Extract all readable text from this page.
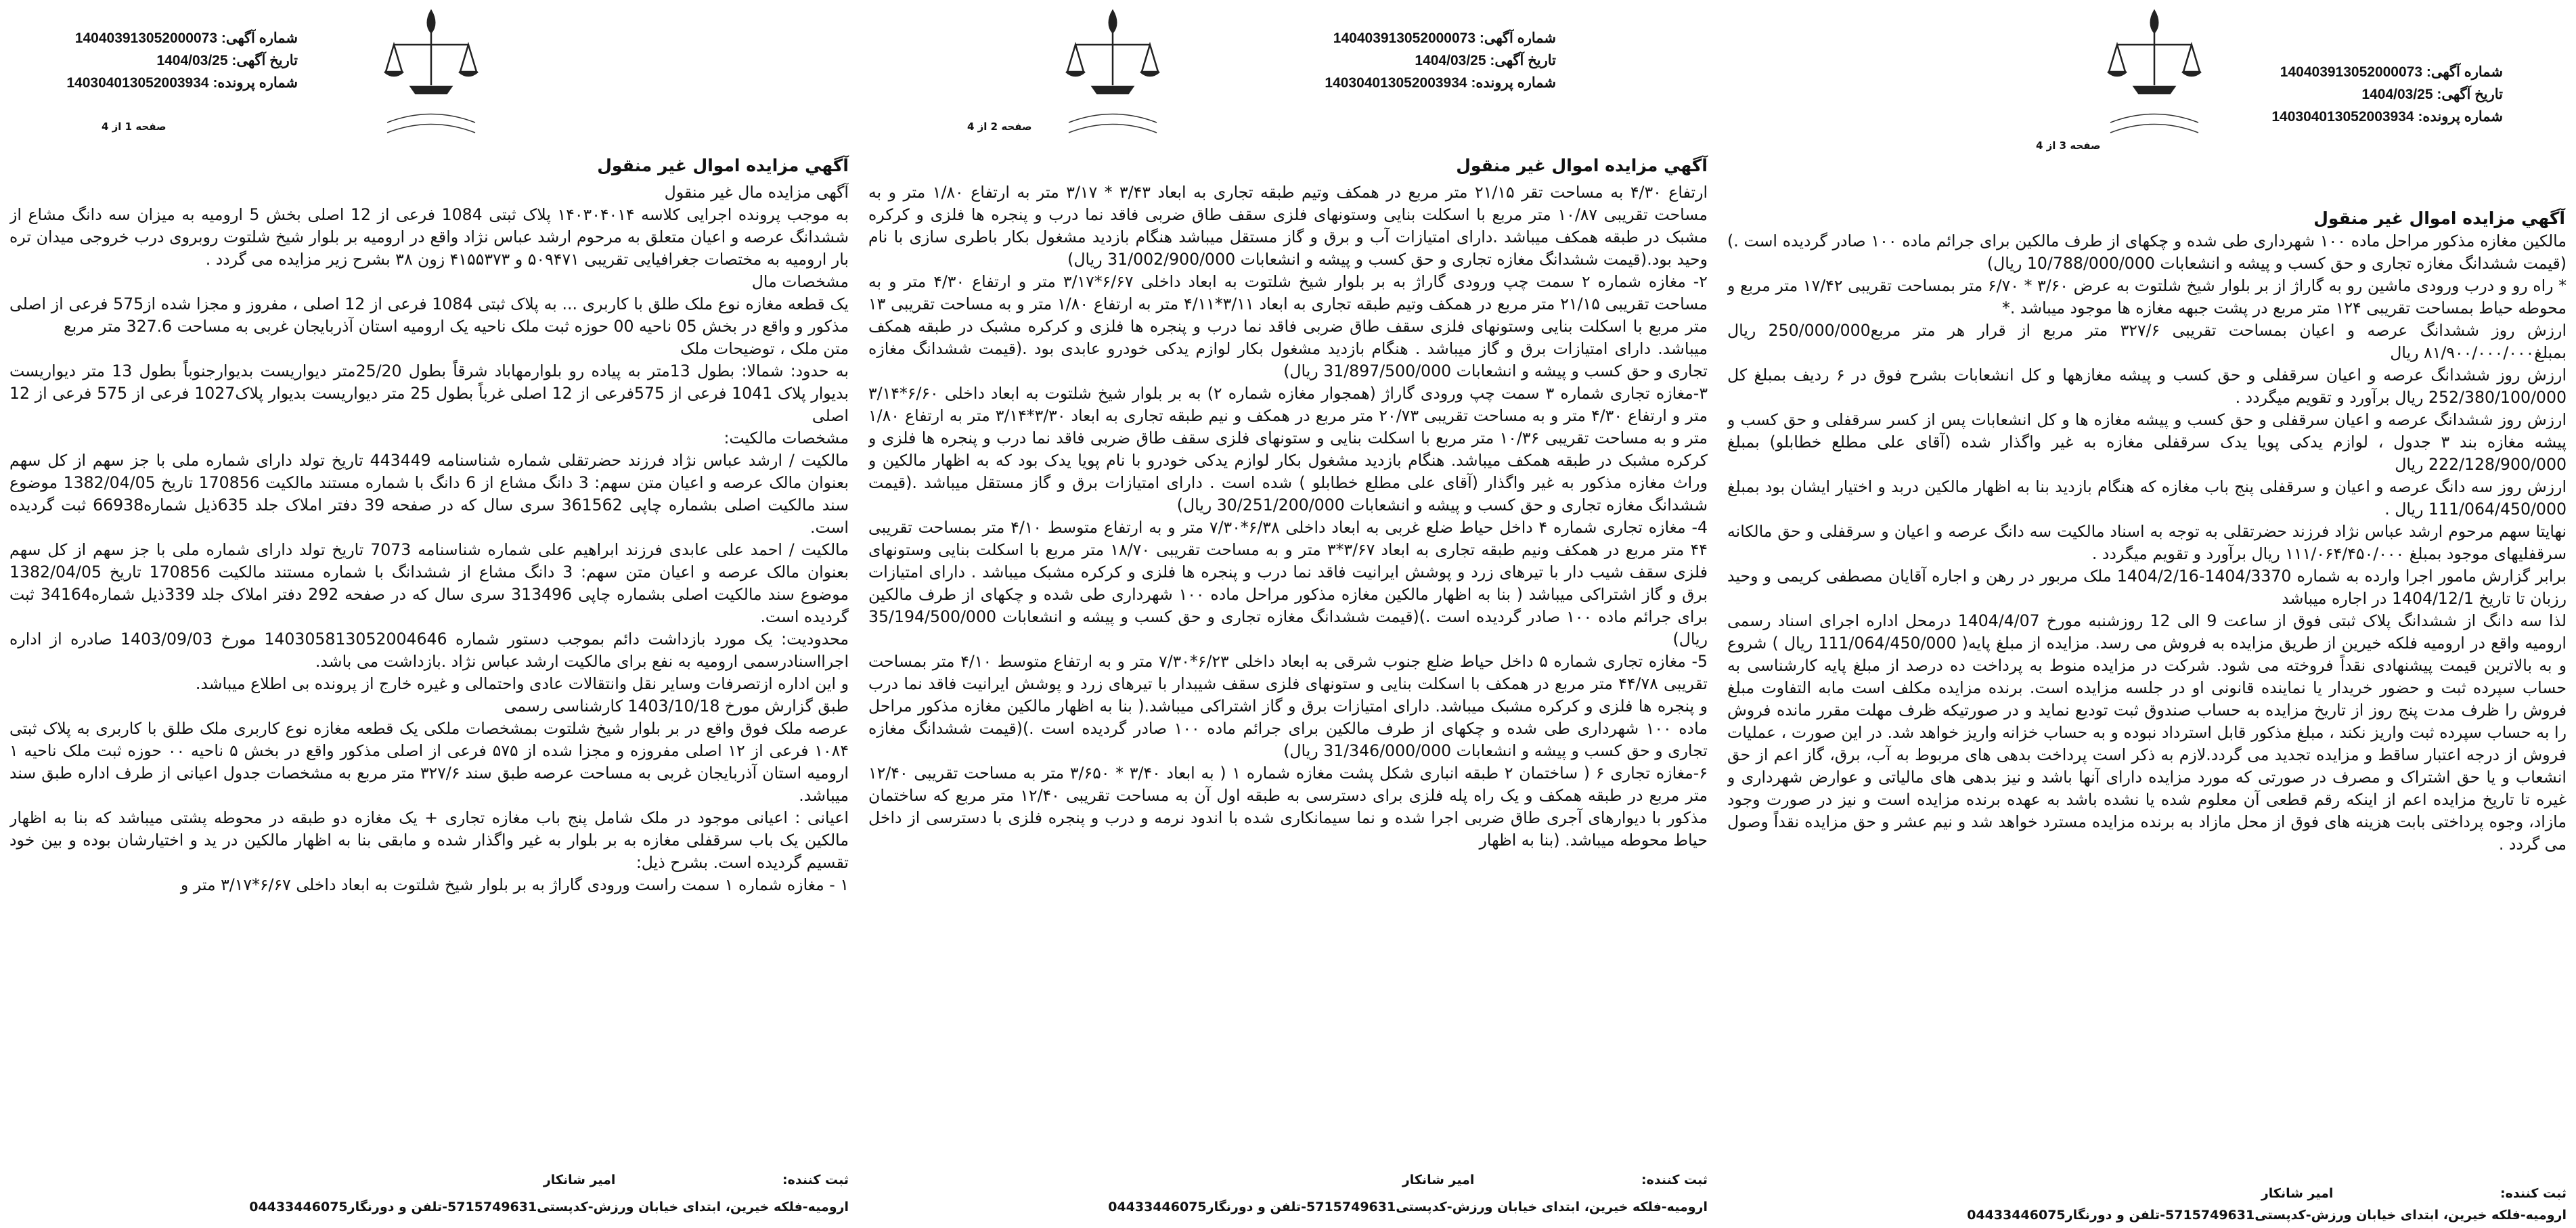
شماره آگهی: 140403913052000073
تاریخ آگهی: 1404/03/25
شماره پرونده: 140304013052003934
صفحه 1 از 4
آگهي مزايده اموال غير منقول

آگهی مزایده مال غیر منقول

به موجب پرونده اجرایی کلاسه ۱۴۰۳۰۴۰۱۴ پلاک ثبتی 1084 فرعی از 12 اصلی بخش 5 ارومیه به میزان سه دانگ مشاع از ششدانگ عرصه و اعیان متعلق به مرحوم ارشد عباس نژاد واقع در ارومیه بر بلوار شیخ شلتوت روبروی درب خروجی میدان تره بار ارومیه به مختصات جغرافیایی تقریبی ۵۰۹۴۷۱ و ۴۱۵۵۳۷۳ زون ۳۸ بشرح زیر مزایده می گردد .

مشخصات مال

یک قطعه مغازه نوع ملک طلق با کاربری ... به پلاک ثبتی 1084 فرعی از 12 اصلی ، مفروز و مجزا شده از575 فرعی از اصلی مذکور و واقع در بخش 05 ناحیه 00 حوزه ثبت ملک ناحیه یک ارومیه استان آذربایجان غربی به مساحت 327.6 متر مربع

متن ملک ، توضیحات ملک

به حدود: شمالا: بطول 13متر به پیاده رو بلوارمهاباد شرقاً بطول 25/20متر دیواریست بدیوارجنوباً بطول 13 متر دیواریست بدیوار پلاک 1041 فرعی از 575فرعی از 12 اصلی غرباً بطول 25 متر دیواریست بدیوار پلاک1027 فرعی از 575 فرعی از 12 اصلی

مشخصات مالکیت:

مالکیت / ارشد عباس نژاد فرزند حضرتقلی شماره شناسنامه 443449 تاریخ تولد دارای شماره ملی با جز سهم از کل سهم بعنوان مالک عرصه و اعیان متن سهم: 3 دانگ مشاع از 6 دانگ با شماره مستند مالکیت 170856 تاریخ 1382/04/05 موضوع سند مالکیت اصلی بشماره چاپی 361562 سری سال که در صفحه 39 دفتر املاک جلد 635ذیل شماره66938 ثبت گردیده است.

مالکیت / احمد علی عابدی فرزند ابراهیم علی شماره شناسنامه 7073 تاریخ تولد دارای شماره ملی با جز سهم از کل سهم بعنوان مالک عرصه و اعیان متن سهم: 3 دانگ مشاع از ششدانگ با شماره مستند مالکیت 170856 تاریخ 1382/04/05 موضوع سند مالکیت اصلی بشماره چاپی 313496 سری سال که در صفحه 292 دفتر املاک جلد 339ذیل شماره34164 ثبت گردیده است.

محدودیت: یک مورد بازداشت دائم بموجب دستور شماره 140305813052004646 مورخ 1403/09/03 صادره از اداره اجرااسنادرسمی ارومیه به نفع برای مالکیت ارشد عباس نژاد .بازداشت می باشد.

و این اداره ازتصرفات وسایر نقل وانتقالات عادی واحتمالی و غیره خارج از پرونده بی اطلاع میباشد.

طبق گزارش مورخ 1403/10/18 کارشناسی رسمی

عرصه ملک فوق واقع در بر بلوار شیخ شلتوت بمشخصات ملکی یک قطعه مغازه نوع کاربری ملک طلق با کاربری به پلاک ثبتی ۱۰۸۴ فرعی از ۱۲ اصلی مفروزه و مجزا شده از ۵۷۵ فرعی از اصلی مذکور واقع در بخش ۵ ناحیه ۰۰ حوزه ثبت ملک ناحیه ۱ ارومیه استان آذربایجان غربی به مساحت عرصه طبق سند ۳۲۷/۶ متر مربع به مشخصات جدول اعیانی از طرف اداره طبق سند میباشد.

اعیانی : اعیانی موجود در ملک شامل پنج باب مغازه تجاری + یک مغازه دو طبقه در محوطه پشتی میباشد که بنا به اظهار مالکین یک باب سرقفلی مغازه به بر بلوار به غیر واگذار شده و مابقی بنا به اظهار مالکین در ید و اختیارشان بوده و بین خود تقسیم گردیده است. بشرح ذیل:

۱ - مغازه شماره ۱ سمت راست ورودی گاراژ به بر بلوار شیخ شلتوت به ابعاد داخلی ۶/۶۷*۳/۱۷ متر و

ثبت کننده: امیر شانکار
ارومیه-فلکه خیرین، ابتدای خیابان ورزش-کدپستی5715749631-تلفن و دورنگار04433446075
شماره آگهی: 140403913052000073
تاریخ آگهی: 1404/03/25
شماره پرونده: 140304013052003934
صفحه 2 از 4
آگهي مزايده اموال غير منقول

ارتفاع ۴/۳۰ به مساحت تقر ۲۱/۱۵ متر مربع در همکف وتیم طبقه تجاری به ابعاد ۳/۴۳ * ۳/۱۷ متر به ارتفاع ۱/۸۰ متر و به مساحت تقریبی ۱۰/۸۷ متر مربع با اسکلت بنایی وستونهای فلزی سقف طاق ضربی فاقد نما درب و پنجره ها فلزی و کرکره مشبک در طبقه همکف میباشد .دارای امتیازات آب و برق و گاز مستقل میباشد هنگام بازدید مشغول بکار باطری سازی با نام وحید بود.(قیمت ششدانگ مغازه تجاری و حق کسب و پیشه و انشعابات 31/002/900/000 ریال)

۲- مغازه شماره ۲ سمت چپ ورودی گاراژ به بر بلوار شیخ شلتوت به ابعاد داخلی ۶/۶۷*۳/۱۷ متر و ارتفاع ۴/۳۰ متر و به مساحت تقریبی ۲۱/۱۵ متر مربع در همکف وتیم طبقه تجاری به ابعاد ۳/۱۱*۴/۱۱ متر به ارتفاع ۱/۸۰ متر و به مساحت تقریبی ۱۳ متر مربع با اسکلت بنایی وستونهای فلزی سقف طاق ضربی فاقد نما درب و پنجره ها فلزی و کرکره مشبک در طبقه همکف میباشد. دارای امتیازات برق و گاز میباشد . هنگام بازدید مشغول بکار لوازم یدکی خودرو عابدی بود .(قیمت ششدانگ مغازه تجاری و حق کسب و پیشه و انشعابات 31/897/500/000 ریال)

۳-مغازه تجاری شماره ۳ سمت چپ ورودی گاراژ (همجوار مغازه شماره ۲) به بر بلوار شیخ شلتوت به ابعاد داخلی ۶/۶۰*۳/۱۴ متر و ارتفاع ۴/۳۰ متر و به مساحت تقریبی ۲۰/۷۳ متر مربع در همکف و نیم طبقه تجاری به ابعاد ۳/۳۰*۳/۱۴ متر به ارتفاع ۱/۸۰ متر و به مساحت تقریبی ۱۰/۳۶ متر مربع با اسکلت بنایی و ستونهای فلزی سقف طاق ضربی فاقد نما درب و پنجره ها فلزی و کرکره مشبک در طبقه همکف میباشد. هنگام بازدید مشغول بکار لوازم یدکی خودرو با نام پویا یدک بود که به اظهار مالکین و وراث مغازه مذکور به غیر واگذار (آقای علی مطلع خطابلو ) شده است . دارای امتیازات برق و گاز مستقل میباشد .(قیمت ششدانگ مغازه تجاری و حق کسب و پیشه و انشعابات 30/251/200/000 ریال)

4- مغازه تجاری شماره ۴ داخل حیاط ضلع غربی به ابعاد داخلی ۶/۳۸*۷/۳۰ متر و به ارتفاع متوسط ۴/۱۰ متر بمساحت تقریبی ۴۴ متر مربع در همکف ونیم طبقه تجاری به ابعاد ۳/۶۷*۳ متر و به مساحت تقریبی ۱۸/۷۰ متر مربع با اسکلت بنایی وستونهای فلزی سقف شیب دار با تیرهای زرد و پوشش ایرانیت فاقد نما درب و پنجره ها فلزی و کرکره مشبک میباشد . دارای امتیازات برق و گاز اشتراکی میباشد ( بنا به اظهار مالکین مغازه مذکور مراحل ماده ۱۰۰ شهرداری طی شده و چکهای از طرف مالکین برای جرائم ماده ۱۰۰ صادر گردیده است .)(قیمت ششدانگ مغازه تجاری و حق کسب و پیشه و انشعابات 35/194/500/000 ریال)

5- مغازه تجاری شماره ۵ داخل حیاط ضلع جنوب شرقی به ابعاد داخلی ۶/۲۳*۷/۳۰ متر و به ارتفاع متوسط ۴/۱۰ متر بمساحت تقریبی ۴۴/۷۸ متر مربع در همکف با اسکلت بنایی و ستونهای فلزی سقف شیبدار با تیرهای زرد و پوشش ایرانیت فاقد نما درب و پنجره ها فلزی و کرکره مشبک میباشد. دارای امتیازات برق و گاز اشتراکی میباشد.( بنا به اظهار مالکین مغازه مذکور مراحل ماده ۱۰۰ شهرداری طی شده و چکهای از طرف مالکین برای جرائم ماده ۱۰۰ صادر گردیده است .)(قیمت ششدانگ مغازه تجاری و حق کسب و پیشه و انشعابات 31/346/000/000 ریال)

۶-مغازه تجاری ۶ ( ساختمان ۲ طبقه انباری شکل پشت مغازه شماره ۱ ( به ابعاد ۳/۴۰ * ۳/۶۵۰ متر به مساحت تقریبی ۱۲/۴۰ متر مربع در طبقه همکف و یک راه پله فلزی برای دسترسی به طبقه اول آن به مساحت تقریبی ۱۲/۴۰ متر مربع که ساختمان مذکور با دیوارهای آجری طاق ضربی اجرا شده و نما سیمانکاری شده با اندود نرمه و درب و پنجره فلزی با دسترسی از داخل حیاط محوطه میباشد. (بنا به اظهار

ثبت کننده: امیر شانکار
ارومیه-فلکه خیرین، ابتدای خیابان ورزش-کدپستی5715749631-تلفن و دورنگار04433446075
شماره آگهی: 140403913052000073
تاریخ آگهی: 1404/03/25
شماره پرونده: 140304013052003934
صفحه 3 از 4
آگهي مزايده اموال غير منقول

مالکین مغازه مذکور مراحل ماده ۱۰۰ شهرداری طی شده و چکهای از طرف مالکین برای جرائم ماده ۱۰۰ صادر گردیده است .)(قیمت ششدانگ مغازه تجاری و حق کسب و پیشه و انشعابات 10/788/000/000 ریال)

* راه رو و درب ورودی ماشین رو به گاراژ از بر بلوار شیخ شلتوت به عرض ۳/۶۰ * ۶/۷۰ متر بمساحت تقریبی ۱۷/۴۲ متر مربع و محوطه حیاط بمساحت تقریبی ۱۲۴ متر مربع در پشت جبهه مغازه ها موجود میباشد .*

ارزش روز ششدانگ عرصه و اعیان بمساحت تقریبی ۳۲۷/۶ متر مربع از قرار هر متر مربع250/000/000 ریال بمبلغ۸۱/۹۰۰/۰۰۰/۰۰۰ ریال

ارزش روز ششدانگ عرصه و اعیان سرقفلی و حق کسب و پیشه مغازهها و کل انشعابات بشرح فوق در ۶ ردیف بمبلغ کل 252/380/100/000 ریال برآورد و تقویم میگردد .

ارزش روز ششدانگ عرصه و اعیان سرقفلی و حق کسب و پیشه مغازه ها و کل انشعابات پس از کسر سرقفلی و حق کسب و پیشه مغازه بند ۳ جدول ، لوازم یدکی پویا یدک سرقفلی مغازه به غیر واگذار شده (آقای علی مطلع خطابلو) بمبلغ 222/128/900/000 ریال

ارزش روز سه دانگ عرصه و اعیان و سرقفلی پنج باب مغازه که هنگام بازدید بنا به اظهار مالکین دربد و اختیار ایشان بود بمبلغ 111/064/450/000 ریال .

نهایتا سهم مرحوم ارشد عباس نژاد فرزند حضرتقلی به توجه به اسناد مالکیت سه دانگ عرصه و اعیان و سرقفلی و حق مالکانه سرقفلیهای موجود بمبلغ ۱۱۱/۰۶۴/۴۵۰/۰۰۰ ریال برآورد و تقویم میگردد .

برابر گزارش مامور اجرا وارده به شماره 1404/3370-1404/2/16 ملک مربور در رهن و اجاره آقایان مصطفی کریمی و وحید رزبان تا تاریخ 1404/12/1 در اجاره میباشد

لذا سه دانگ از ششدانگ پلاک ثبتی فوق از ساعت 9 الی 12 روزشنبه مورخ 1404/4/07 درمحل اداره اجرای اسناد رسمی ارومیه واقع در ارومیه فلکه خیرین از طریق مزایده به فروش می رسد. مزایده از مبلغ پایه( 111/064/450/000 ریال ) شروع و به بالاترین قیمت پیشنهادی نقداً فروخته می شود. شرکت در مزایده منوط به پرداخت ده درصد از مبلغ پایه کارشناسی به حساب سپرده ثبت و حضور خریدار یا نماینده قانونی او در جلسه مزایده است. برنده مزایده مکلف است مابه التفاوت مبلغ فروش را ظرف مدت پنج روز از تاریخ مزایده به حساب صندوق ثبت توديع نمايد و در صورتیکه ظرف مهلت مقرر مانده فروش را به حساب سپرده ثبت واريز نكند ، مبلغ مذکور قابل استرداد نبوده و به حساب خزانه واريز خواهد شد. در این صورت ، عملیات فروش از درجه اعتبار ساقط و مزایده تجدید می گردد.لازم به ذکر است پرداخت بدهی های مربوط به آب، برق، گاز اعم از حق انشعاب و یا حق اشتراک و مصرف در صورتی که مورد مزایده دارای آنها باشد و نیز بدهی های مالیاتی و عوارض شهرداری و غیره تا تاریخ مزایده اعم از اینکه رقم قطعی آن معلوم شده یا نشده باشد به عهده برنده مزایده است و نیز در صورت وجود مازاد، وجوه پرداختی بابت هزینه های فوق از محل مازاد به برنده مزایده مسترد خواهد شد و نیم عشر و حق مزایده نقداً وصول می گردد .

ثبت کننده: امیر شانکار
ارومیه-فلکه خیرین، ابتدای خیابان ورزش-کدپستی5715749631-تلفن و دورنگار04433446075
